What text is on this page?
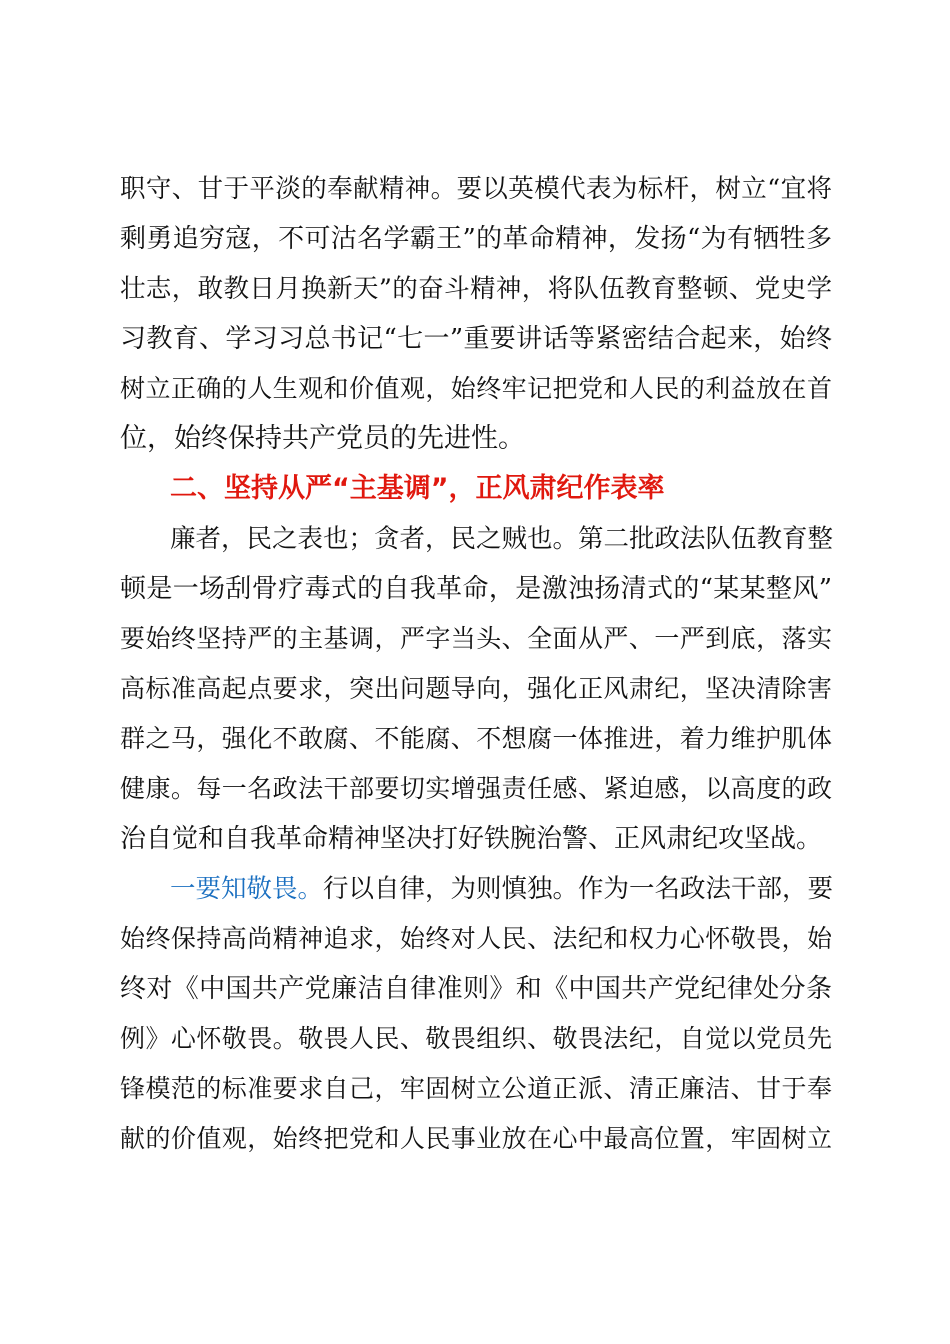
职守、甘于平淡的奉献精神。要以英模代表为标杆，树立“宜将
剩勇追穷寇，不可沽名学霸王”的革命精神，发扬“为有牺牲多
壮志，敢教日月换新天”的奋斗精神，将队伍教育整顿、党史学
习教育、学习习总书记“七一”重要讲话等紧密结合起来，始终
树立正确的人生观和价值观，始终牢记把党和人民的利益放在首
位，始终保持共产党员的先进性。
二、坚持从严“主基调”，正风肃纪作表率
廉者，民之表也；贪者，民之贼也。第二批政法队伍教育整
顿是一场刮骨疗毒式的自我革命，是激浊扬清式的“某某整风”
要始终坚持严的主基调，严字当头、全面从严、一严到底，落实
高标准高起点要求，突出问题导向，强化正风肃纪，坚决清除害
群之马，强化不敢腐、不能腐、不想腐一体推进，着力维护肌体
健康。每一名政法干部要切实增强责任感、紧迫感，以高度的政
治自觉和自我革命精神坚决打好铁腕治警、正风肃纪攻坚战。
一要知敬畏。行以自律，为则慎独。作为一名政法干部，要
始终保持高尚精神追求，始终对人民、法纪和权力心怀敬畏，始
终对《中国共产党廉洁自律准则》和《中国共产党纪律处分条
例》心怀敬畏。敬畏人民、敬畏组织、敬畏法纪，自觉以党员先
锋模范的标准要求自己，牢固树立公道正派、清正廉洁、甘于奉
献的价值观，始终把党和人民事业放在心中最高位置，牢固树立
